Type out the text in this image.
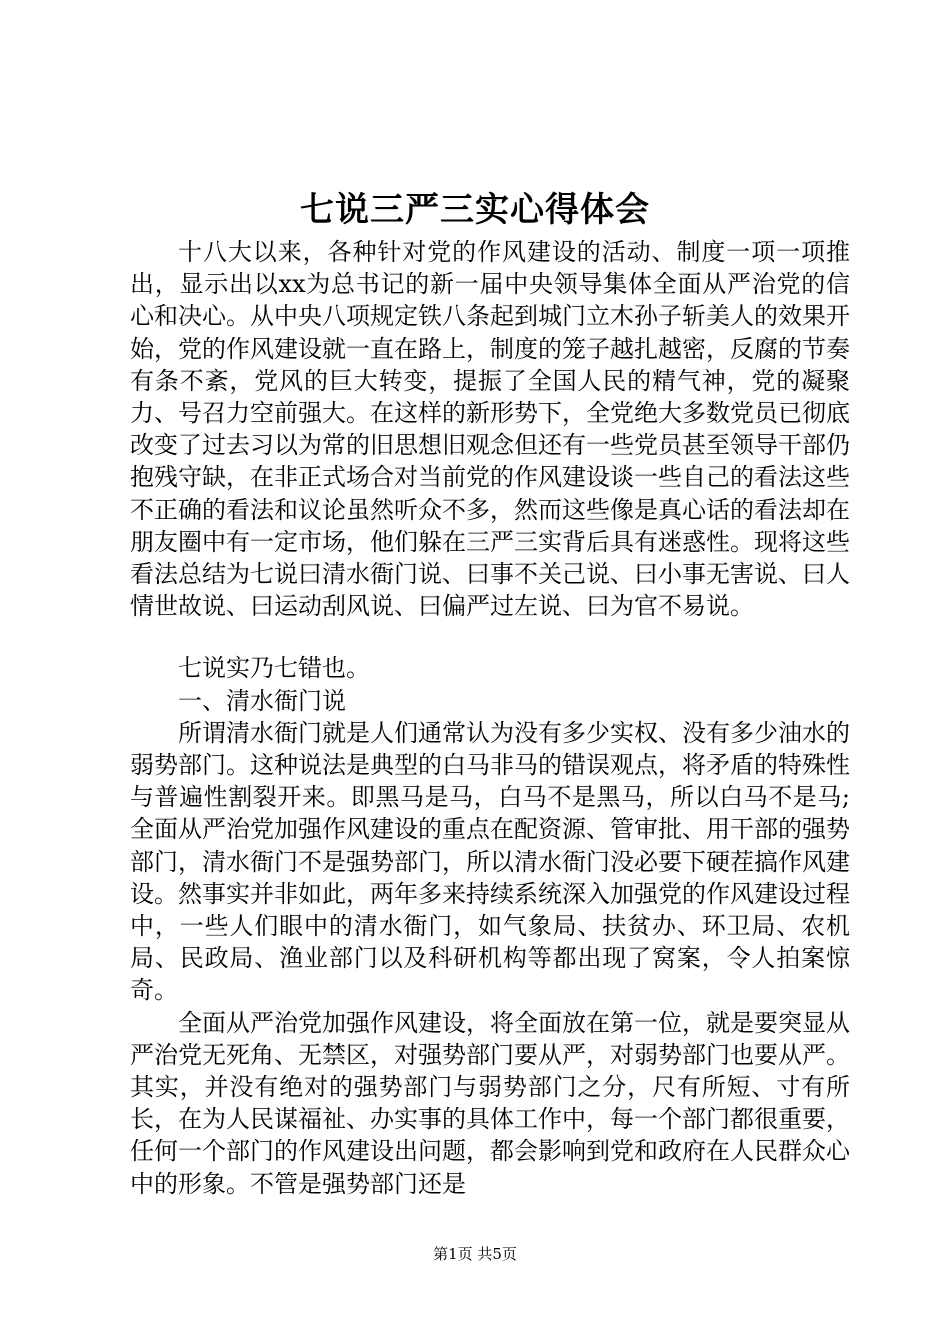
七说三严三实心得体会

十八大以来，各种针对党的作风建设的活动、制度一项一项推出，显示出以xx为总书记的新一届中央领导集体全面从严治党的信心和决心。从中央八项规定铁八条起到城门立木孙子斩美人的效果开始，党的作风建设就一直在路上，制度的笼子越扎越密，反腐的节奏有条不紊，党风的巨大转变，提振了全国人民的精气神，党的凝聚力、号召力空前强大。在这样的新形势下，全党绝大多数党员已彻底改变了过去习以为常的旧思想旧观念但还有一些党员甚至领导干部仍抱残守缺，在非正式场合对当前党的作风建设谈一些自己的看法这些不正确的看法和议论虽然听众不多，然而这些像是真心话的看法却在朋友圈中有一定市场，他们躲在三严三实背后具有迷惑性。现将这些看法总结为七说曰清水衙门说、曰事不关己说、曰小事无害说、曰人情世故说、曰运动刮风说、曰偏严过左说、曰为官不易说。

七说实乃七错也。

一、清水衙门说

所谓清水衙门就是人们通常认为没有多少实权、没有多少油水的弱势部门。这种说法是典型的白马非马的错误观点，将矛盾的特殊性与普遍性割裂开来。即黑马是马，白马不是黑马，所以白马不是马;全面从严治党加强作风建设的重点在配资源、管审批、用干部的强势部门，清水衙门不是强势部门，所以清水衙门没必要下硬茬搞作风建设。然事实并非如此，两年多来持续系统深入加强党的作风建设过程中，一些人们眼中的清水衙门，如气象局、扶贫办、环卫局、农机局、民政局、渔业部门以及科研机构等都出现了窝案，令人拍案惊奇。

全面从严治党加强作风建设，将全面放在第一位，就是要突显从严治党无死角、无禁区，对强势部门要从严，对弱势部门也要从严。其实，并没有绝对的强势部门与弱势部门之分，尺有所短、寸有所长，在为人民谋福祉、办实事的具体工作中，每一个部门都很重要，任何一个部门的作风建设出问题，都会影响到党和政府在人民群众心中的形象。不管是强势部门还是

第1页 共5页
